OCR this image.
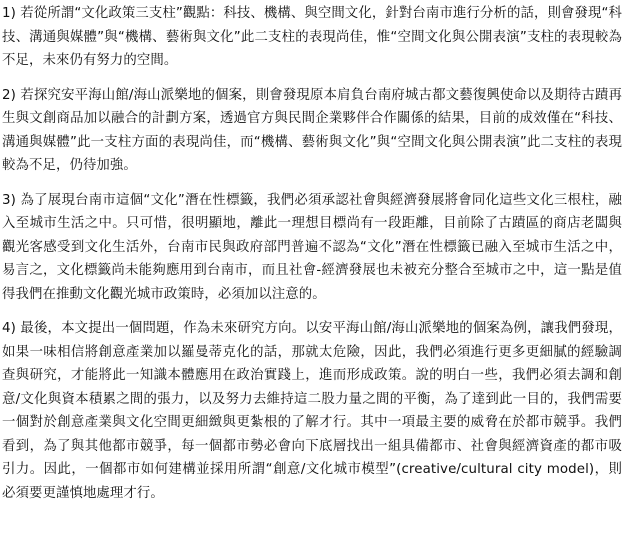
1) 若從所謂“文化政策三支柱”觀點：科技、機構、與空間文化，針對台南市進行分析的話，則會發現“科技、溝通與媒體”與“機構、藝術與文化”此二支柱的表現尚佳，惟“空間文化與公開表演”支柱的表現較為不足，未來仍有努力的空間。

2) 若探究安平海山館/海山派樂地的個案，則會發現原本肩負台南府城古都文藝復興使命以及期待古蹟再生與文創商品加以融合的計劃方案，透過官方與民間企業夥伴合作關係的結果，目前的成效僅在“科技、溝通與媒體”此一支柱方面的表現尚佳，而“機構、藝術與文化”與“空間文化與公開表演”此二支柱的表現較為不足，仍待加強。

3) 為了展現台南市這個“文化”潛在性標籤，我們必須承認社會與經濟發展將會同化這些文化三根柱，融入至城市生活之中。只可惜，很明顯地，離此一理想目標尚有一段距離，目前除了古蹟區的商店老闆與觀光客感受到文化生活外，台南市民與政府部門普遍不認為“文化”潛在性標籤已融入至城市生活之中，易言之，文化標籤尚未能夠應用到台南市，而且社會-經濟發展也未被充分整合至城市之中，這一點是值得我們在推動文化觀光城市政策時，必須加以注意的。

4) 最後，本文提出一個問題，作為未來研究方向。以安平海山館/海山派樂地的個案為例，讓我們發現，如果一味相信將創意產業加以羅曼蒂克化的話，那就太危險，因此，我們必須進行更多更細膩的經驗調查與研究，才能將此一知識本體應用在政治實踐上，進而形成政策。說的明白一些，我們必須去調和創意/文化與資本積累之間的張力，以及努力去維持這二股力量之間的平衡，為了達到此一目的，我們需要一個對於創意產業與文化空間更細緻與更紮根的了解才行。其中一項最主要的威脅在於都市競爭。我們看到，為了與其他都市競爭，每一個都市勢必會向下底層找出一組具備都市、社會與經濟資產的都市吸引力。因此，一個都市如何建構並採用所謂“創意/文化城市模型”(creative/cultural city model)，則必須要更謹慎地處理才行。
